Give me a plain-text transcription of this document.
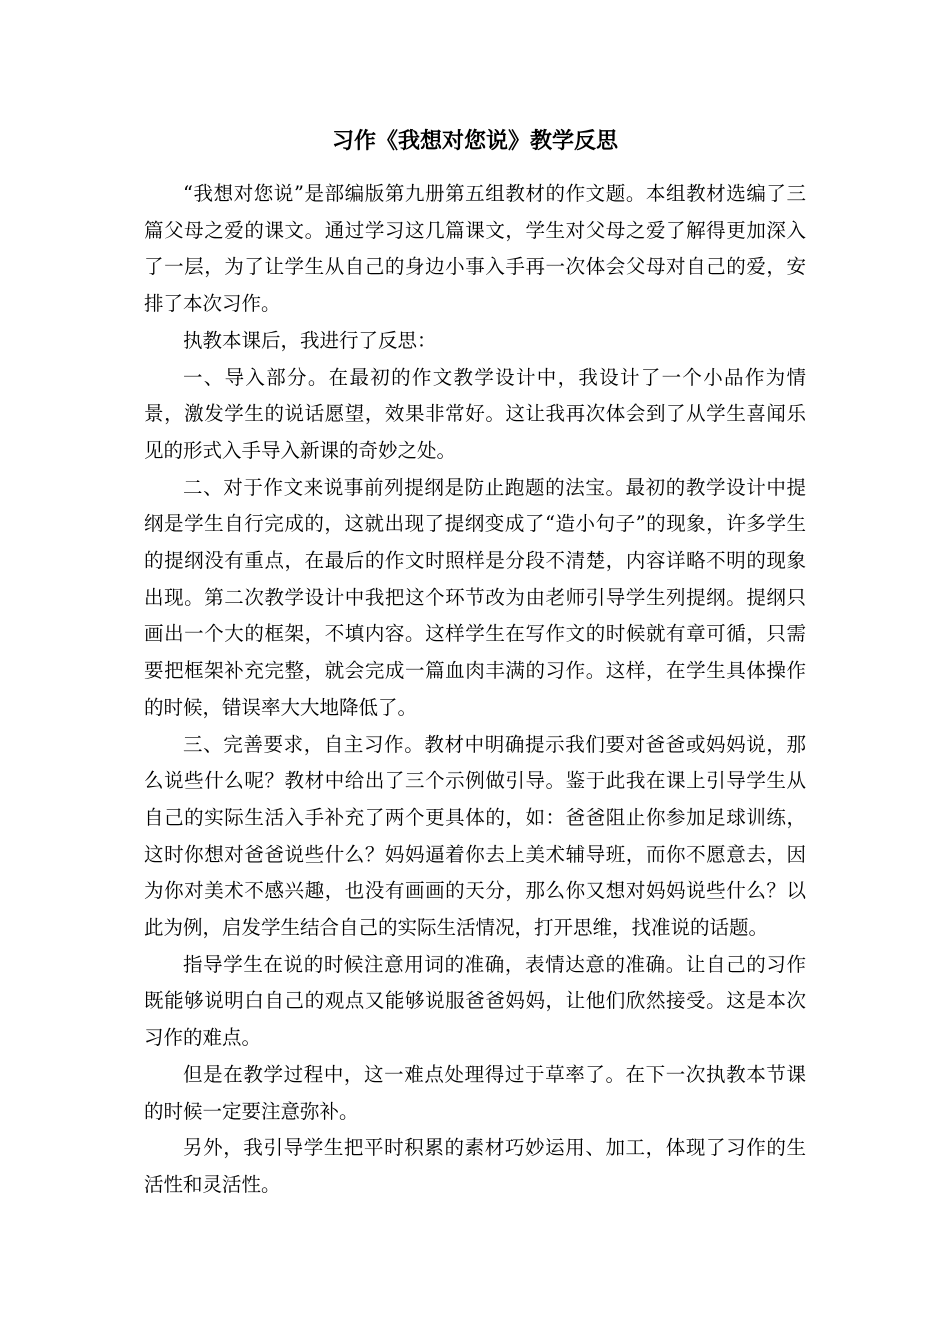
习作《我想对您说》教学反思

“我想对您说”是部编版第九册第五组教材的作文题。本组教材选编了三篇父母之爱的课文。通过学习这几篇课文，学生对父母之爱了解得更加深入了一层，为了让学生从自己的身边小事入手再一次体会父母对自己的爱，安排了本次习作。

执教本课后，我进行了反思：

一、导入部分。在最初的作文教学设计中，我设计了一个小品作为情景，激发学生的说话愿望，效果非常好。这让我再次体会到了从学生喜闻乐见的形式入手导入新课的奇妙之处。

二、对于作文来说事前列提纲是防止跑题的法宝。最初的教学设计中提纲是学生自行完成的，这就出现了提纲变成了“造小句子”的现象，许多学生的提纲没有重点，在最后的作文时照样是分段不清楚，内容详略不明的现象出现。第二次教学设计中我把这个环节改为由老师引导学生列提纲。提纲只画出一个大的框架，不填内容。这样学生在写作文的时候就有章可循，只需要把框架补充完整，就会完成一篇血肉丰满的习作。这样，在学生具体操作的时候，错误率大大地降低了。

三、完善要求，自主习作。教材中明确提示我们要对爸爸或妈妈说，那么说些什么呢？教材中给出了三个示例做引导。鉴于此我在课上引导学生从自己的实际生活入手补充了两个更具体的，如：爸爸阻止你参加足球训练，这时你想对爸爸说些什么？妈妈逼着你去上美术辅导班，而你不愿意去，因为你对美术不感兴趣，也没有画画的天分，那么你又想对妈妈说些什么？以此为例，启发学生结合自己的实际生活情况，打开思维，找准说的话题。

指导学生在说的时候注意用词的准确，表情达意的准确。让自己的习作既能够说明白自己的观点又能够说服爸爸妈妈，让他们欣然接受。这是本次习作的难点。

但是在教学过程中，这一难点处理得过于草率了。在下一次执教本节课的时候一定要注意弥补。

另外，我引导学生把平时积累的素材巧妙运用、加工，体现了习作的生活性和灵活性。
